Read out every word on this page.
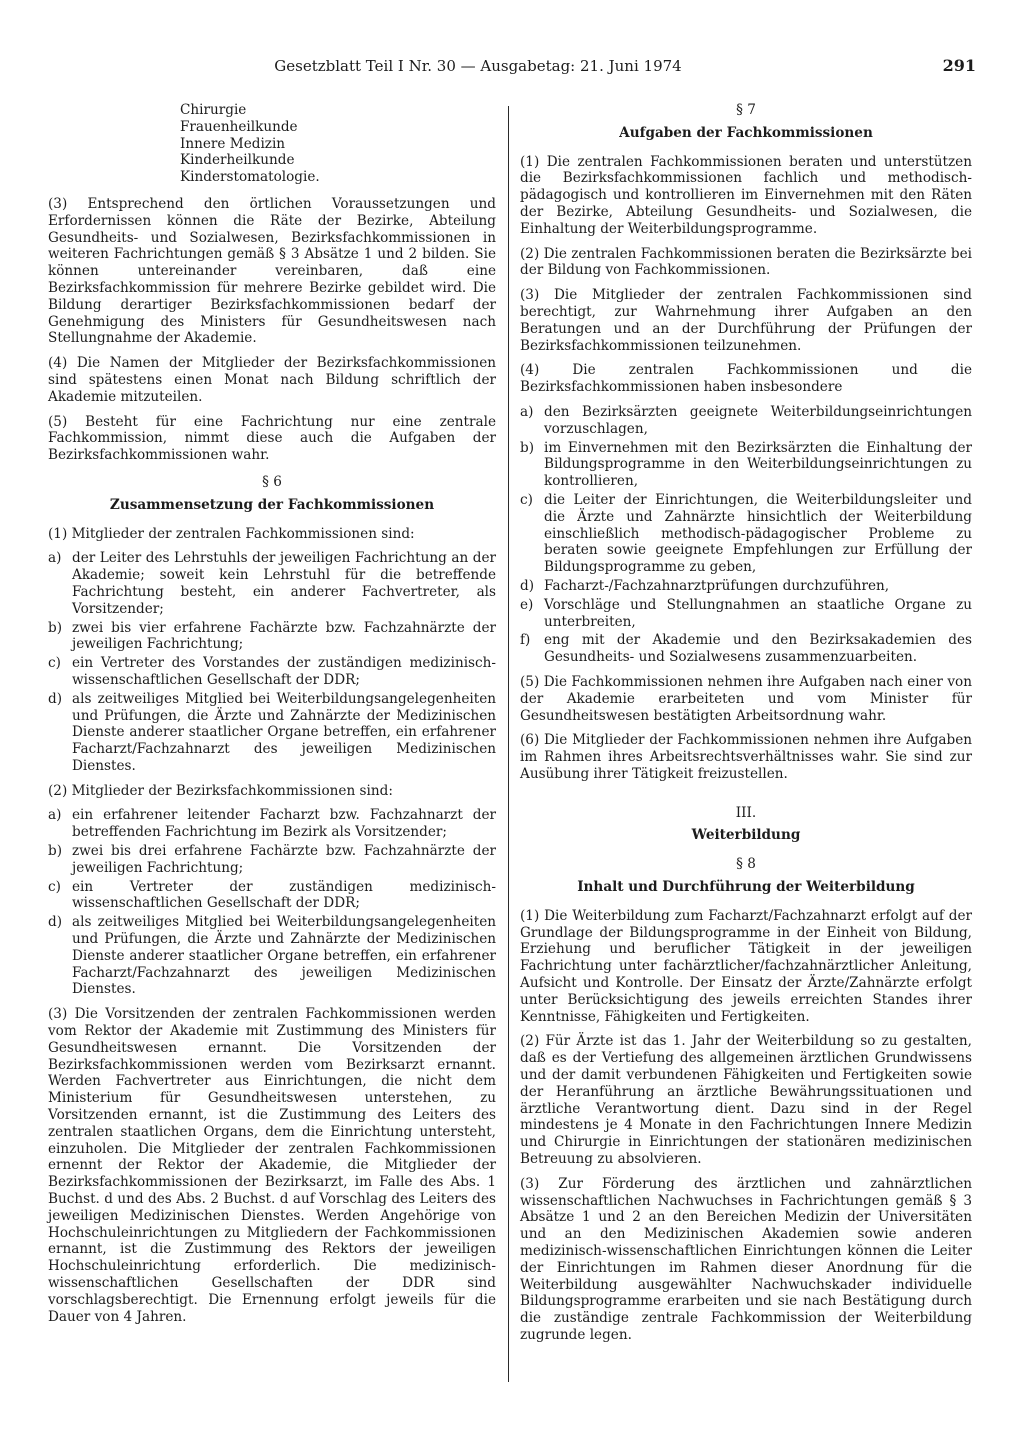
Gesetzblatt Teil I Nr. 30 — Ausgabetag: 21. Juni 1974	291
Chirurgie
Frauenheilkunde
Innere Medizin
Kinderheilkunde
Kinderstomatologie.

(3) Entsprechend den örtlichen Voraussetzungen und Erfordernissen können die Räte der Bezirke, Abteilung Gesundheits- und Sozialwesen, Bezirksfachkommissionen in weiteren Fachrichtungen gemäß § 3 Absätze 1 und 2 bilden. Sie können untereinander vereinbaren, daß eine Bezirksfachkommission für mehrere Bezirke gebildet wird. Die Bildung derartiger Bezirksfachkommissionen bedarf der Genehmigung des Ministers für Gesundheitswesen nach Stellungnahme der Akademie.

(4) Die Namen der Mitglieder der Bezirksfachkommissionen sind spätestens einen Monat nach Bildung schriftlich der Akademie mitzuteilen.

(5) Besteht für eine Fachrichtung nur eine zentrale Fachkommission, nimmt diese auch die Aufgaben der Bezirksfachkommissionen wahr.

§ 6
Zusammensetzung der Fachkommissionen

(1) Mitglieder der zentralen Fachkommissionen sind:

a) der Leiter des Lehrstuhls der jeweiligen Fachrichtung an der Akademie; soweit kein Lehrstuhl für die betreffende Fachrichtung besteht, ein anderer Fachvertreter, als Vorsitzender;
b) zwei bis vier erfahrene Fachärzte bzw. Fachzahnärzte der jeweiligen Fachrichtung;
c) ein Vertreter des Vorstandes der zuständigen medizinisch-wissenschaftlichen Gesellschaft der DDR;
d) als zeitweiliges Mitglied bei Weiterbildungsangelegenheiten und Prüfungen, die Ärzte und Zahnärzte der Medizinischen Dienste anderer staatlicher Organe betreffen, ein erfahrener Facharzt/Fachzahnarzt des jeweiligen Medizinischen Dienstes.

(2) Mitglieder der Bezirksfachkommissionen sind:

a) ein erfahrener leitender Facharzt bzw. Fachzahnarzt der betreffenden Fachrichtung im Bezirk als Vorsitzender;
b) zwei bis drei erfahrene Fachärzte bzw. Fachzahnärzte der jeweiligen Fachrichtung;
c) ein Vertreter der zuständigen medizinisch-wissenschaftlichen Gesellschaft der DDR;
d) als zeitweiliges Mitglied bei Weiterbildungsangelegenheiten und Prüfungen, die Ärzte und Zahnärzte der Medizinischen Dienste anderer staatlicher Organe betreffen, ein erfahrener Facharzt/Fachzahnarzt des jeweiligen Medizinischen Dienstes.

(3) Die Vorsitzenden der zentralen Fachkommissionen werden vom Rektor der Akademie mit Zustimmung des Ministers für Gesundheitswesen ernannt. Die Vorsitzenden der Bezirksfachkommissionen werden vom Bezirksarzt ernannt. Werden Fachvertreter aus Einrichtungen, die nicht dem Ministerium für Gesundheitswesen unterstehen, zu Vorsitzenden ernannt, ist die Zustimmung des Leiters des zentralen staatlichen Organs, dem die Einrichtung untersteht, einzuholen. Die Mitglieder der zentralen Fachkommissionen ernennt der Rektor der Akademie, die Mitglieder der Bezirksfachkommissionen der Bezirksarzt, im Falle des Abs. 1 Buchst. d und des Abs. 2 Buchst. d auf Vorschlag des Leiters des jeweiligen Medizinischen Dienstes. Werden Angehörige von Hochschuleinrichtungen zu Mitgliedern der Fachkommissionen ernannt, ist die Zustimmung des Rektors der jeweiligen Hochschuleinrichtung erforderlich. Die medizinisch-wissenschaftlichen Gesellschaften der DDR sind vorschlagsberechtigt. Die Ernennung erfolgt jeweils für die Dauer von 4 Jahren.

§ 7
Aufgaben der Fachkommissionen

(1) Die zentralen Fachkommissionen beraten und unterstützen die Bezirksfachkommissionen fachlich und methodisch-pädagogisch und kontrollieren im Einvernehmen mit den Räten der Bezirke, Abteilung Gesundheits- und Sozialwesen, die Einhaltung der Weiterbildungsprogramme.

(2) Die zentralen Fachkommissionen beraten die Bezirksärzte bei der Bildung von Fachkommissionen.

(3) Die Mitglieder der zentralen Fachkommissionen sind berechtigt, zur Wahrnehmung ihrer Aufgaben an den Beratungen und an der Durchführung der Prüfungen der Bezirksfachkommissionen teilzunehmen.

(4) Die zentralen Fachkommissionen und die Bezirksfachkommissionen haben insbesondere

a) den Bezirksärzten geeignete Weiterbildungseinrichtungen vorzuschlagen,
b) im Einvernehmen mit den Bezirksärzten die Einhaltung der Bildungsprogramme in den Weiterbildungseinrichtungen zu kontrollieren,
c) die Leiter der Einrichtungen, die Weiterbildungsleiter und die Ärzte und Zahnärzte hinsichtlich der Weiterbildung einschließlich methodisch-pädagogischer Probleme zu beraten sowie geeignete Empfehlungen zur Erfüllung der Bildungsprogramme zu geben,
d) Facharzt-/Fachzahnarztprüfungen durchzuführen,
e) Vorschläge und Stellungnahmen an staatliche Organe zu unterbreiten,
f)	eng mit der Akademie und den Bezirksakademien des Gesundheits- und Sozialwesens zusammenzuarbeiten.

(5) Die Fachkommissionen nehmen ihre Aufgaben nach einer von der Akademie erarbeiteten und vom Minister für Gesundheitswesen bestätigten Arbeitsordnung wahr.

(6) Die Mitglieder der Fachkommissionen nehmen ihre Aufgaben im Rahmen ihres Arbeitsrechtsverhältnisses wahr. Sie sind zur Ausübung ihrer Tätigkeit freizustellen.

III.
Weiterbildung
§ 8
Inhalt und Durchführung der Weiterbildung

(1) Die Weiterbildung zum Facharzt/Fachzahnarzt erfolgt auf der Grundlage der Bildungsprogramme in der Einheit von Bildung, Erziehung und beruflicher Tätigkeit in der jeweiligen Fachrichtung unter fachärztlicher/fachzahnärztlicher Anleitung, Aufsicht und Kontrolle. Der Einsatz der Ärzte/Zahnärzte erfolgt unter Berücksichtigung des jeweils erreichten Standes ihrer Kenntnisse, Fähigkeiten und Fertigkeiten.

(2) Für Ärzte ist das 1. Jahr der Weiterbildung so zu gestalten, daß es der Vertiefung des allgemeinen ärztlichen Grundwissens und der damit verbundenen Fähigkeiten und Fertigkeiten sowie der Heranführung an ärztliche Bewährungssituationen und ärztliche Verantwortung dient. Dazu sind in der Regel mindestens je 4 Monate in den Fachrichtungen Innere Medizin und Chirurgie in Einrichtungen der stationären medizinischen Betreuung zu absolvieren.

(3) Zur Förderung des ärztlichen und zahnärztlichen wissenschaftlichen Nachwuchses in Fachrichtungen gemäß § 3 Absätze 1 und 2 an den Bereichen Medizin der Universitäten und an den Medizinischen Akademien sowie anderen medizinisch-wissenschaftlichen Einrichtungen können die Leiter der Einrichtungen im Rahmen dieser Anordnung für die Weiterbildung ausgewählter Nachwuchskader individuelle Bildungsprogramme erarbeiten und sie nach Bestätigung durch die zuständige zentrale Fachkommission der Weiterbildung zugrunde legen.
